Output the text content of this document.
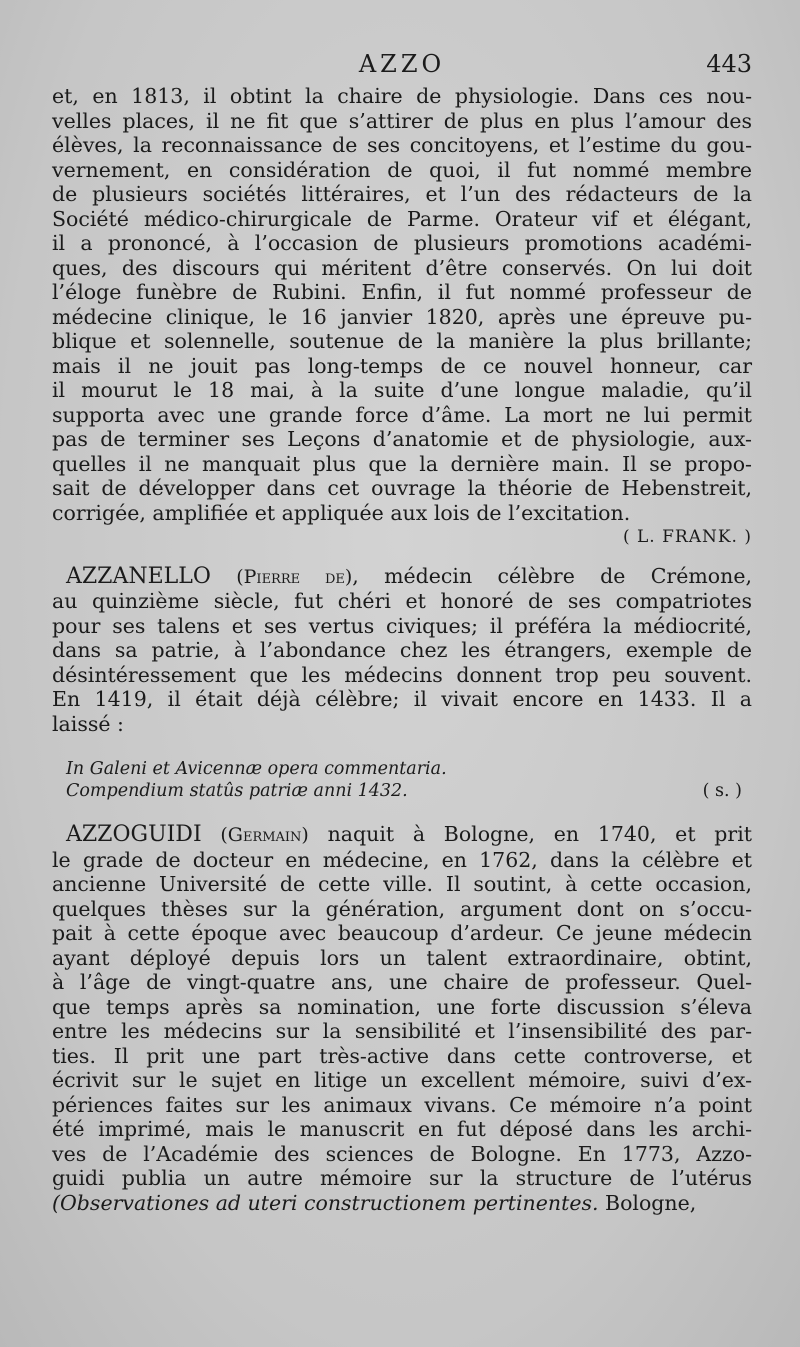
AZZO	443
et, en 1813, il obtint la chaire de physiologie. Dans ces nou-
velles places, il ne fit que s’attirer de plus en plus l’amour des
élèves, la reconnaissance de ses concitoyens, et l’estime du gou-
vernement, en considération de quoi, il fut nommé membre
de plusieurs sociétés littéraires, et l’un des rédacteurs de la
Société médico-chirurgicale de Parme. Orateur vif et élégant,
il a prononcé, à l’occasion de plusieurs promotions académi-
ques, des discours qui méritent d’être conservés. On lui doit
l’éloge funèbre de Rubini. Enfin, il fut nommé professeur de
médecine clinique, le 16 janvier 1820, après une épreuve pu-
blique et solennelle, soutenue de la manière la plus brillante;
mais il ne jouit pas long-temps de ce nouvel honneur, car
il mourut le 18 mai, à la suite d’une longue maladie, qu’il
supporta avec une grande force d’âme. La mort ne lui permit
pas de terminer ses Leçons d’anatomie et de physiologie, aux-
quelles il ne manquait plus que la dernière main. Il se propo-
sait de développer dans cet ouvrage la théorie de Hebenstreit,
corrigée, amplifiée et appliquée aux lois de l’excitation.
( L. FRANK. )
AZZANELLO (Pierre de), médecin célèbre de Crémone,
au quinzième siècle, fut chéri et honoré de ses compatriotes
pour ses talens et ses vertus civiques; il préféra la médiocrité,
dans sa patrie, à l’abondance chez les étrangers, exemple de
désintéressement que les médecins donnent trop peu souvent.
En 1419, il était déjà célèbre; il vivait encore en 1433. Il a
laissé :
In Galeni et Avicennæ opera commentaria.
Compendium statûs patriæ anni 1432.	( s. )
AZZOGUIDI (Germain) naquit à Bologne, en 1740, et prit
le grade de docteur en médecine, en 1762, dans la célèbre et
ancienne Université de cette ville. Il soutint, à cette occasion,
quelques thèses sur la génération, argument dont on s’occu-
pait à cette époque avec beaucoup d’ardeur. Ce jeune médecin
ayant déployé depuis lors un talent extraordinaire, obtint,
à l’âge de vingt-quatre ans, une chaire de professeur. Quel-
que temps après sa nomination, une forte discussion s’éleva
entre les médecins sur la sensibilité et l’insensibilité des par-
ties. Il prit une part très-active dans cette controverse, et
écrivit sur le sujet en litige un excellent mémoire, suivi d’ex-
périences faites sur les animaux vivans. Ce mémoire n’a point
été imprimé, mais le manuscrit en fut déposé dans les archi-
ves de l’Académie des sciences de Bologne. En 1773, Azzo-
guidi publia un autre mémoire sur la structure de l’utérus
(Observationes ad uteri constructionem pertinentes. Bologne,
